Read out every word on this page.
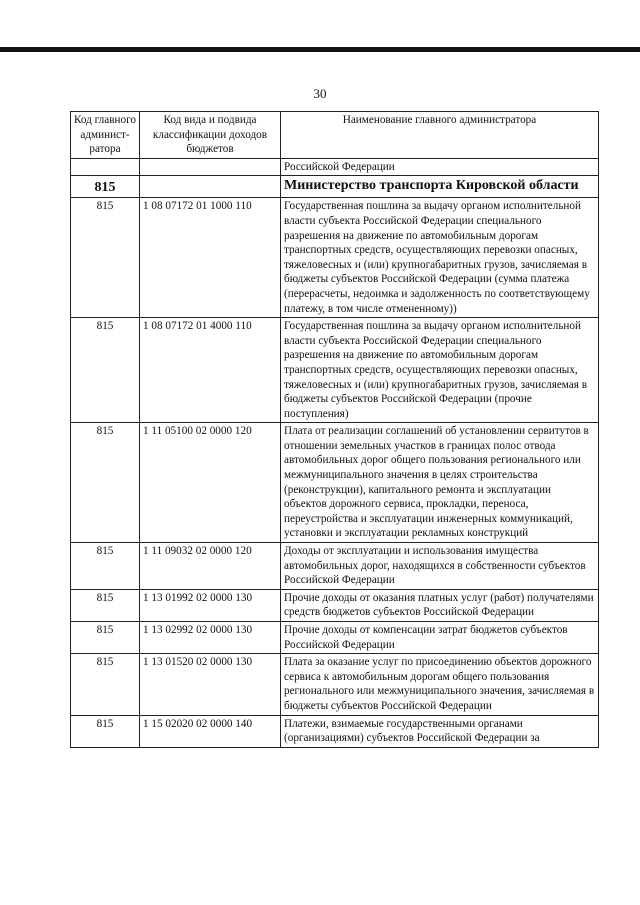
30
Код главного админист-ратора	Код вида и подвида классификации доходов бюджетов	Наименование главного администратора
		Российской Федерации
815		Министерство транспорта Кировской области
815	1 08 07172 01 1000 110	Государственная пошлина за выдачу органом исполнительной власти субъекта Российской Федерации специального разрешения на движение по автомобильным дорогам транспортных средств, осуществляющих перевозки опасных, тяжеловесных и (или) крупногабаритных грузов, зачисляемая в бюджеты субъектов Российской Федерации (сумма платежа (перерасчеты, недоимка и задолженность по соответствующему платежу, в том числе отмененному))
815	1 08 07172 01 4000 110	Государственная пошлина за выдачу органом исполнительной власти субъекта Российской Федерации специального разрешения на движение по автомобильным дорогам транспортных средств, осуществляющих перевозки опасных, тяжеловесных и (или) крупногабаритных грузов, зачисляемая в бюджеты субъектов Российской Федерации (прочие поступления)
815	1 11 05100 02 0000 120	Плата от реализации соглашений об установлении сервитутов в отношении земельных участков в границах полос отвода автомобильных дорог общего пользования регионального или межмуниципального значения в целях строительства (реконструкции), капитального ремонта и эксплуатации объектов дорожного сервиса, прокладки, переноса, переустройства и эксплуатации инженерных коммуникаций, установки и эксплуатации рекламных конструкций
815	1 11 09032 02 0000 120	Доходы от эксплуатации и использования имущества автомобильных дорог, находящихся в собственности субъектов Российской Федерации
815	1 13 01992 02 0000 130	Прочие доходы от оказания платных услуг (работ) получателями средств бюджетов субъектов Российской Федерации
815	1 13 02992 02 0000 130	Прочие доходы от компенсации затрат бюджетов субъектов Российской Федерации
815	1 13 01520 02 0000 130	Плата за оказание услуг по присоединению объектов дорожного сервиса к автомобильным дорогам общего пользования регионального или межмуниципального значения, зачисляемая в бюджеты субъектов Российской Федерации
815	1 15 02020 02 0000 140	Платежи, взимаемые государственными органами (организациями) субъектов Российской Федерации за
